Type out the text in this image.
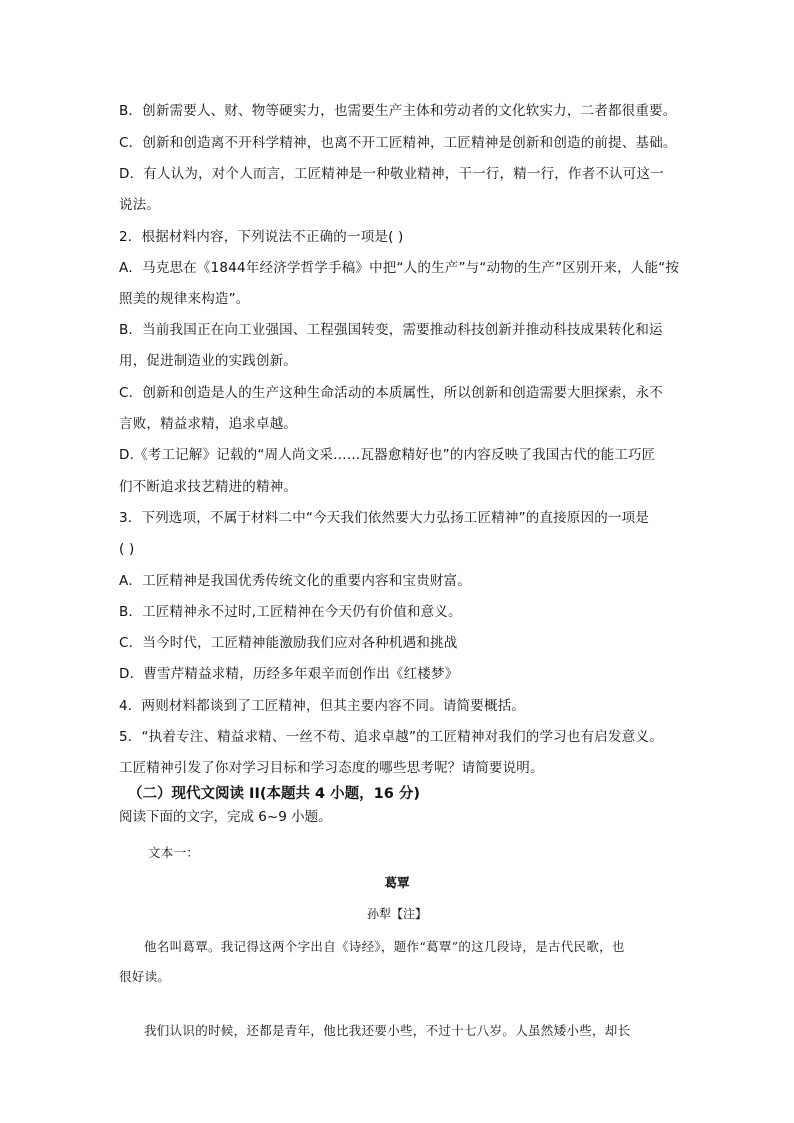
B．创新需要人、财、物等硬实力，也需要生产主体和劳动者的文化软实力，二者都很重要。
C．创新和创造离不开科学精神，也离不开工匠精神，工匠精神是创新和创造的前提、基础。
D．有人认为，对个人而言，工匠精神是一种敬业精神，干一行，精一行，作者不认可这一
说法。
2．根据材料内容，下列说法不正确的一项是( )
A．马克思在《1844年经济学哲学手稿》中把“人的生产”与“动物的生产”区别开来，人能“按
照美的规律来构造”。
B．当前我国正在向工业强国、工程强国转变，需要推动科技创新并推动科技成果转化和运
用，促进制造业的实践创新。
C．创新和创造是人的生产这种生命活动的本质属性，所以创新和创造需要大胆探索，永不
言败，精益求精，追求卓越。
D.《考工记解》记载的“周人尚文采……瓦器愈精好也”的内容反映了我国古代的能工巧匠
们不断追求技艺精进的精神。
3．下列选项，不属于材料二中“今天我们依然要大力弘扬工匠精神”的直接原因的一项是
( )
A．工匠精神是我国优秀传统文化的重要内容和宝贵财富。
B．工匠精神永不过时,工匠精神在今天仍有价值和意义。
C．当今时代，工匠精神能激励我们应对各种机遇和挑战
D．曹雪芹精益求精，历经多年艰辛而创作出《红楼梦》
4．两则材料都谈到了工匠精神，但其主要内容不同。请简要概括。
5．“执着专注、精益求精、一丝不苟、追求卓越”的工匠精神对我们的学习也有启发意义。
工匠精神引发了你对学习目标和学习态度的哪些思考呢？请简要说明。
（二）现代文阅读 II(本题共 4 小题，16 分)
阅读下面的文字，完成 6~9 小题。
文本一：
葛覃
孙犁【注】
他名叫葛覃。我记得这两个字出自《诗经》，题作“葛覃”的这几段诗，是古代民歌，也
很好读。
我们认识的时候，还都是青年，他比我还要小些，不过十七八岁。人虽然矮小些，却长
